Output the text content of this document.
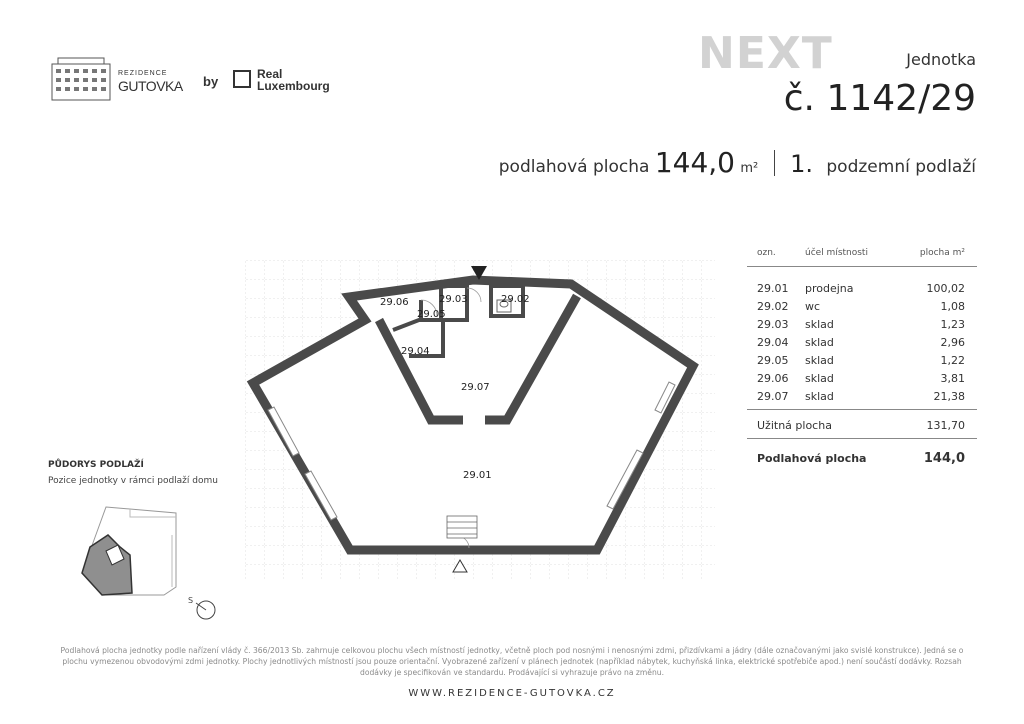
REZIDENCE
GUTOVKA by	Real
Luxembourg
NEXT	Jednotka
č. 1142/29
podlahová plocha 144,0 m² 1. podzemní podlaží
ozn.	účel místnosti	plocha m²

29.01	prodejna	100,02
29.02	wc	1,08
29.03	sklad	1,23
29.04	sklad	2,96
29.05	sklad	1,22
29.06	sklad	3,81
29.07	sklad	21,38
Užitná plocha		131,70
Podlahová plocha		144,0
29.06	29.03	29.02
29.05
29.04
29.07
29.01
PŮDORYS PODLAŽÍ
Pozice jednotky v rámci podlaží domu
S
Podlahová plocha jednotky podle nařízení vlády č. 366/2013 Sb. zahrnuje celkovou plochu všech místností jednotky, včetně ploch pod nosnými i nenosnými zdmi, přizdívkami a jádry (dále označovanými jako svislé konstrukce). Jedná se o
plochu vymezenou obvodovými zdmi jednotky. Plochy jednotlivých místností jsou pouze orientační. Vyobrazené zařízení v plánech jednotek (například nábytek, kuchyňská linka, elektrické spotřebiče apod.) není součástí dodávky. Rozsah
dodávky je specifikován ve standardu. Prodávající si vyhrazuje právo na změnu.
WWW.REZIDENCE-GUTOVKA.CZ
